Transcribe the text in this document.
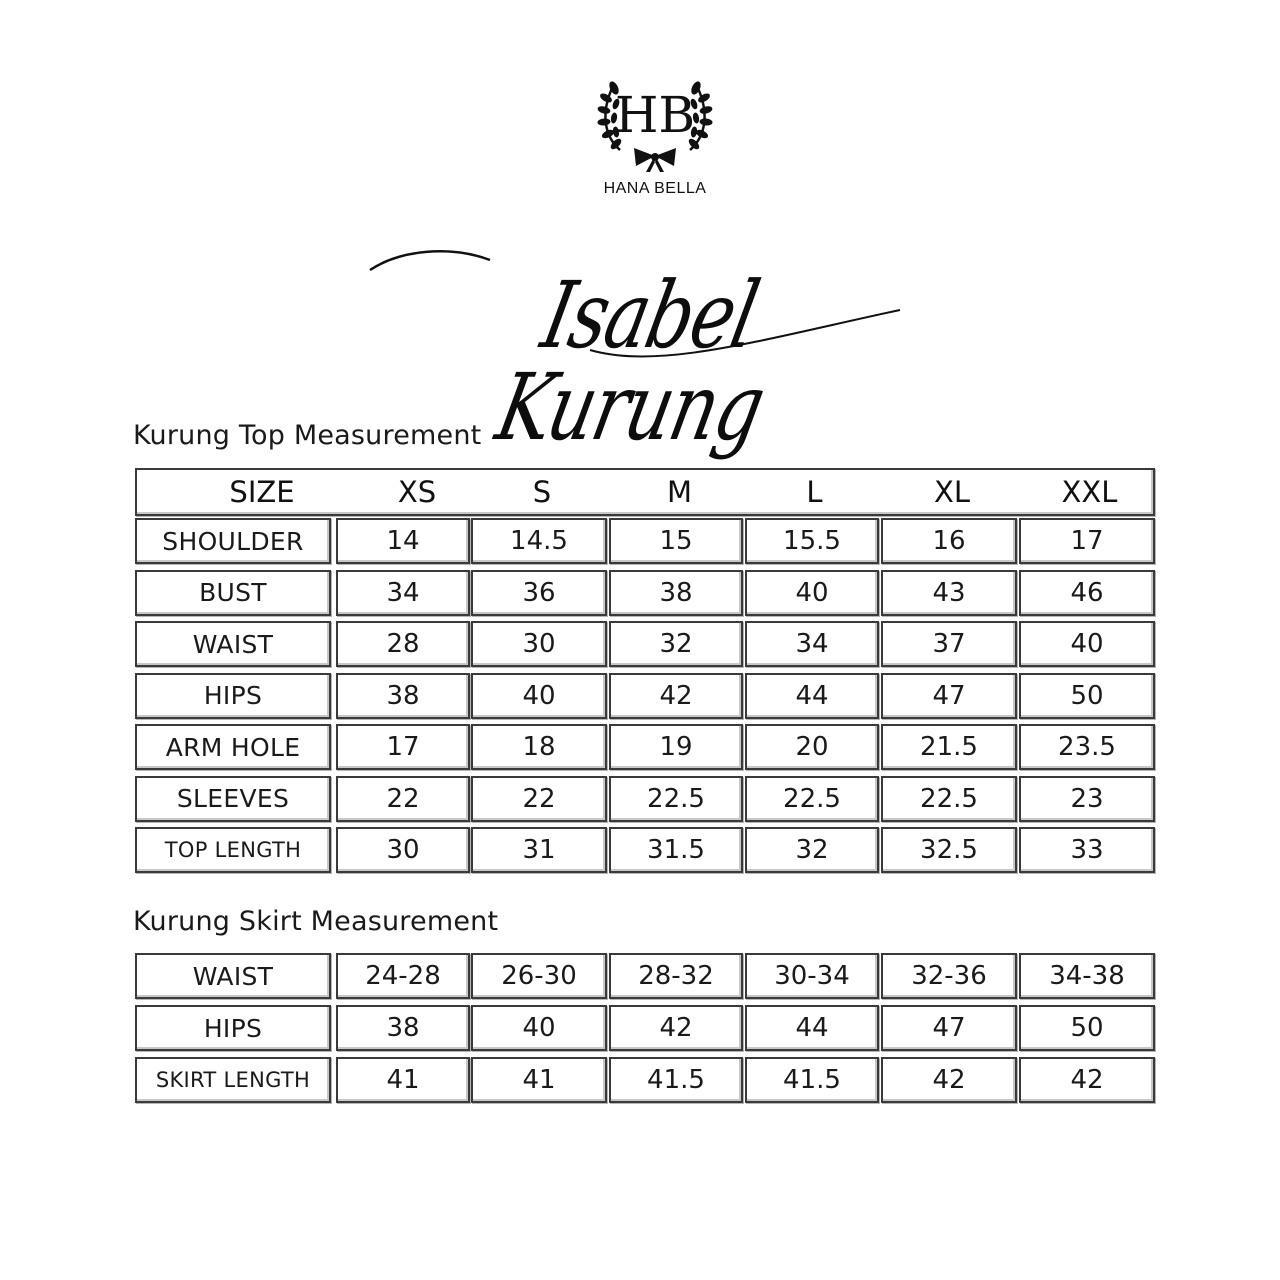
HB
HANA BELLA
Isabel Kurung
Kurung Top Measurement
SIZE	XS	S	M	L	XL	XXL
SHOULDER	14	14.5	15	15.5	16	17
BUST	34	36	38	40	43	46
WAIST	28	30	32	34	37	40
HIPS	38	40	42	44	47	50
ARM HOLE	17	18	19	20	21.5	23.5
SLEEVES	22	22	22.5	22.5	22.5	23
TOP LENGTH	30	31	31.5	32	32.5	33
Kurung Skirt Measurement
WAIST	24-28	26-30	28-32	30-34	32-36	34-38
HIPS	38	40	42	44	47	50
SKIRT LENGTH	41	41	41.5	41.5	42	42
